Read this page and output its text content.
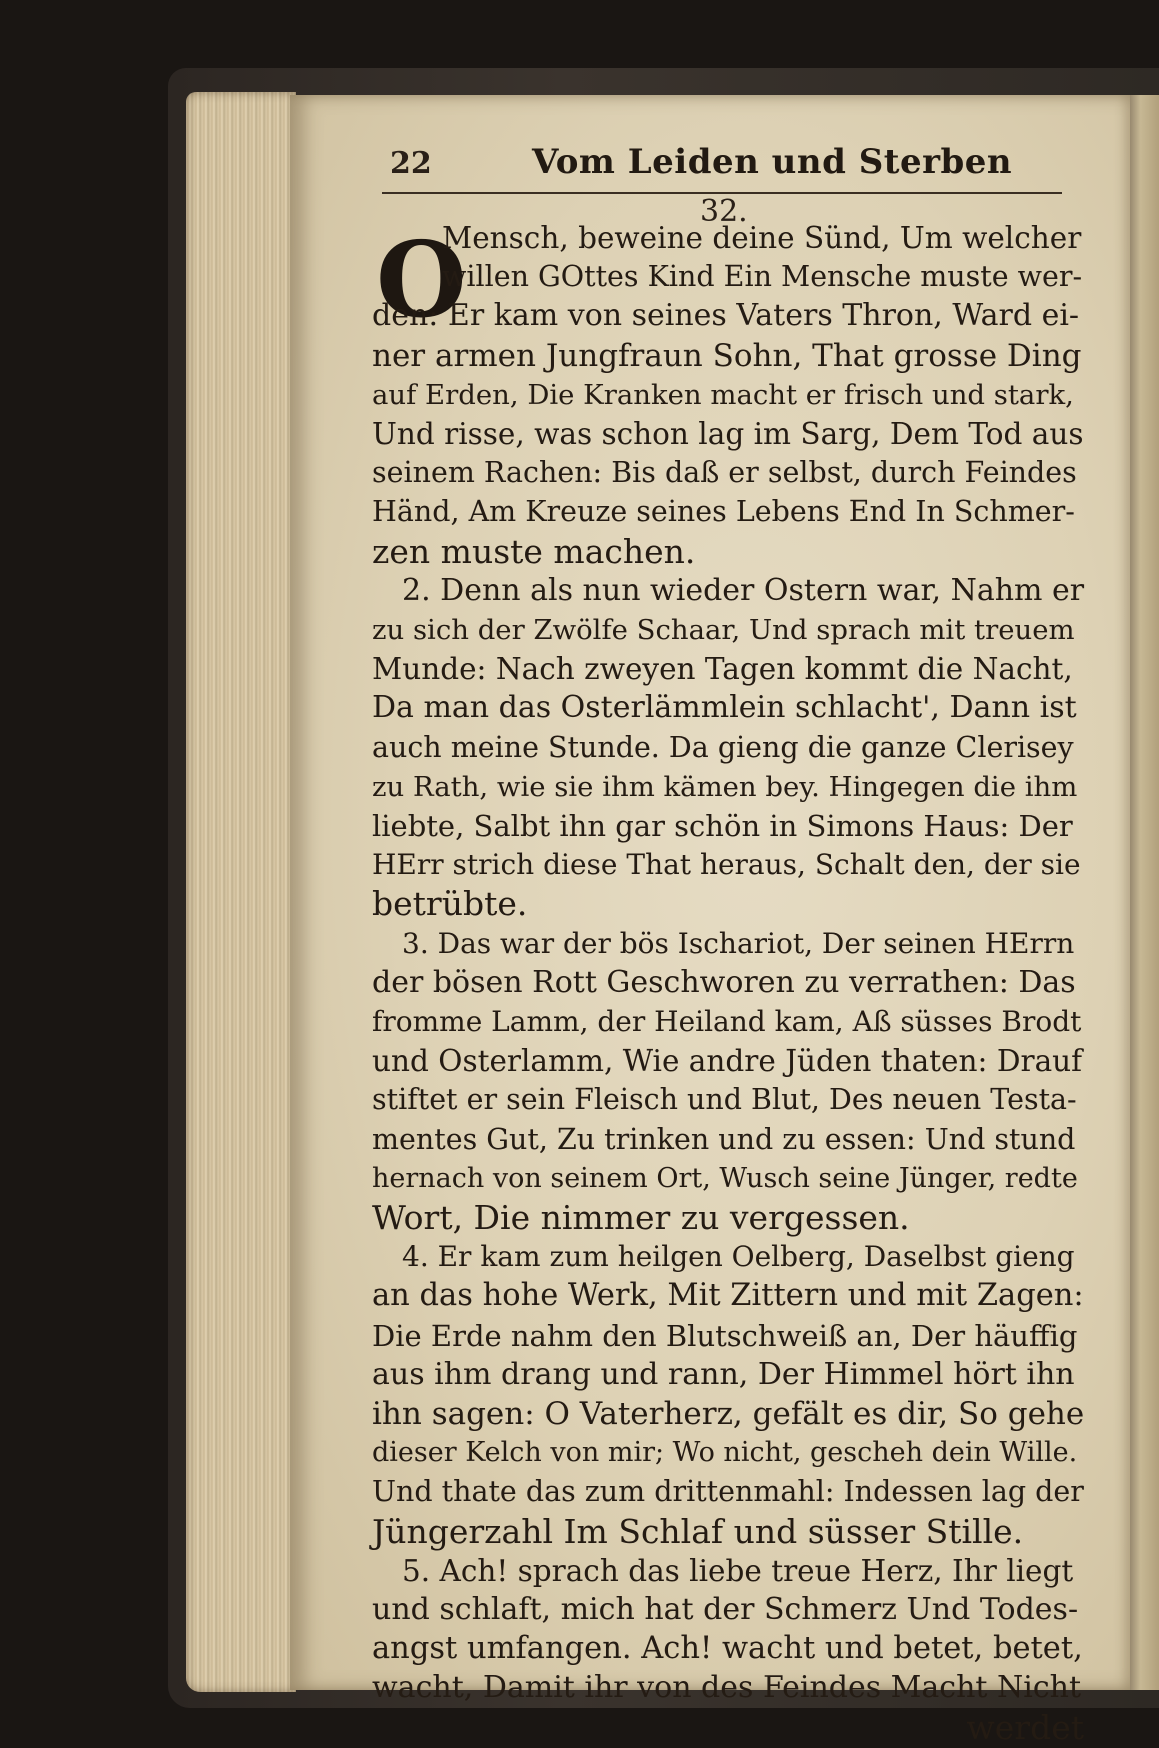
22	Vom Leiden und Sterben
32.
O
Mensch, beweine deine Sünd, Um welcher
willen GOttes Kind Ein Mensche muste wer-
den: Er kam von seines Vaters Thron, Ward ei-
ner armen Jungfraun Sohn, That grosse Ding
auf Erden, Die Kranken macht er frisch und stark,
Und risse, was schon lag im Sarg, Dem Tod aus
seinem Rachen: Bis daß er selbst, durch Feindes
Händ, Am Kreuze seines Lebens End In Schmer-
zen muste machen.
2. Denn als nun wieder Ostern war, Nahm er
zu sich der Zwölfe Schaar, Und sprach mit treuem
Munde: Nach zweyen Tagen kommt die Nacht,
Da man das Osterlämmlein schlacht', Dann ist
auch meine Stunde. Da gieng die ganze Clerisey
zu Rath, wie sie ihm kämen bey. Hingegen die ihm
liebte, Salbt ihn gar schön in Simons Haus: Der
HErr strich diese That heraus, Schalt den, der sie
betrübte.
3. Das war der bös Ischariot, Der seinen HErrn
der bösen Rott Geschworen zu verrathen: Das
fromme Lamm, der Heiland kam, Aß süsses Brodt
und Osterlamm, Wie andre Jüden thaten: Drauf
stiftet er sein Fleisch und Blut, Des neuen Testa-
mentes Gut, Zu trinken und zu essen: Und stund
hernach von seinem Ort, Wusch seine Jünger, redte
Wort, Die nimmer zu vergessen.
4. Er kam zum heilgen Oelberg, Daselbst gieng
an das hohe Werk, Mit Zittern und mit Zagen:
Die Erde nahm den Blutschweiß an, Der häuffig
aus ihm drang und rann, Der Himmel hört ihn
ihn sagen: O Vaterherz, gefält es dir, So gehe
dieser Kelch von mir; Wo nicht, gescheh dein Wille.
Und thate das zum drittenmahl: Indessen lag der
Jüngerzahl Im Schlaf und süsser Stille.
5. Ach! sprach das liebe treue Herz, Ihr liegt
und schlaft, mich hat der Schmerz Und Todes-
angst umfangen. Ach! wacht und betet, betet,
wacht, Damit ihr von des Feindes Macht Nicht
werdet
